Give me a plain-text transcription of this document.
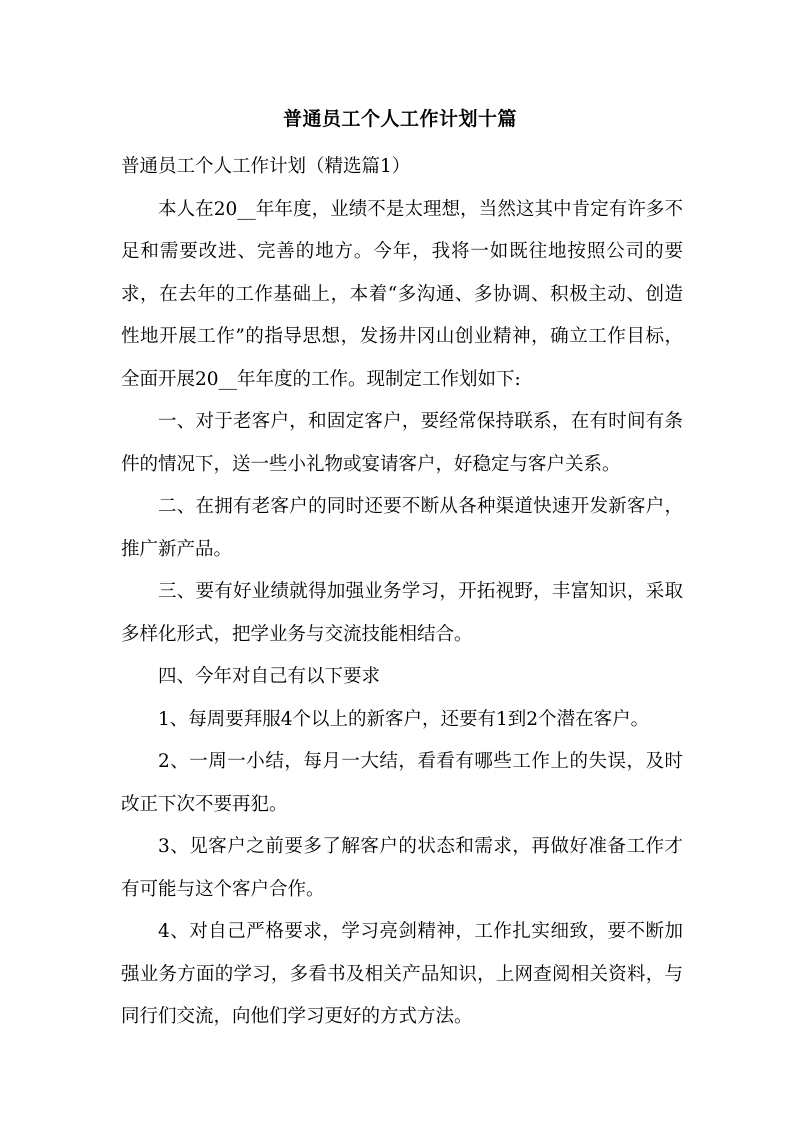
普通员工个人工作计划十篇

普通员工个人工作计划（精选篇1）

本人在20__年年度，业绩不是太理想，当然这其中肯定有许多不足和需要改进、完善的地方。今年，我将一如既往地按照公司的要求，在去年的工作基础上，本着“多沟通、多协调、积极主动、创造性地开展工作”的指导思想，发扬井冈山创业精神，确立工作目标，全面开展20__年年度的工作。现制定工作划如下:

一、对于老客户，和固定客户，要经常保持联系，在有时间有条件的情况下，送一些小礼物或宴请客户，好稳定与客户关系。

二、在拥有老客户的同时还要不断从各种渠道快速开发新客户，推广新产品。

三、要有好业绩就得加强业务学习，开拓视野，丰富知识，采取多样化形式，把学业务与交流技能相结合。

四、今年对自己有以下要求

1、每周要拜服4个以上的新客户，还要有1到2个潜在客户。

2、一周一小结，每月一大结，看看有哪些工作上的失误，及时改正下次不要再犯。

3、见客户之前要多了解客户的状态和需求，再做好准备工作才有可能与这个客户合作。

4、对自己严格要求，学习亮剑精神，工作扎实细致，要不断加强业务方面的学习，多看书及相关产品知识，上网查阅相关资料，与同行们交流，向他们学习更好的方式方法。
